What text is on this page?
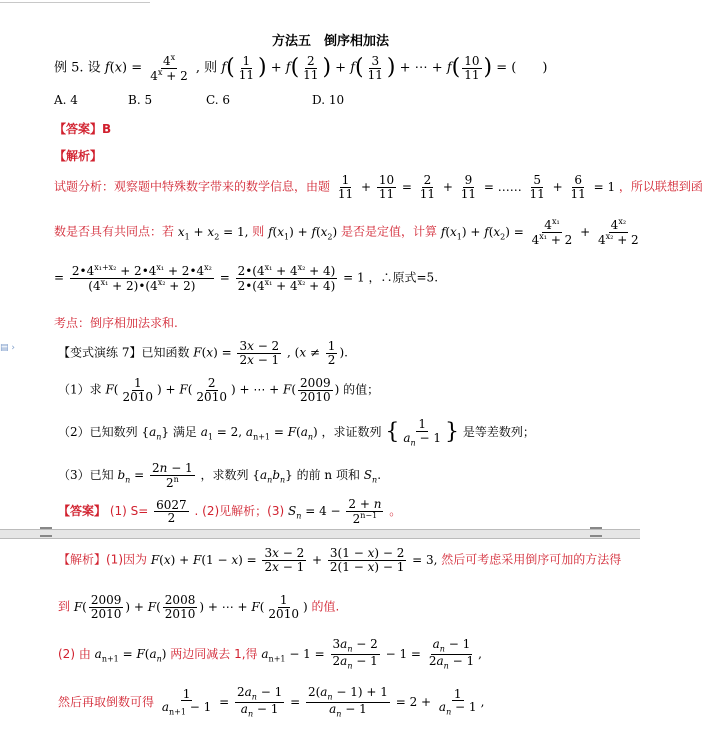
方法五　倒序相加法
例 5. 设 $f(x) = \frac{4^x}{4^x + 2}$ , 则 $f( \frac{1}{11}$ ) + $f( \frac{2}{11}$ ) + $f( \frac{3}{11}$ ) + ⋯ + $f( \frac{10}{11}$ ) = (　　)
A. 4	B. 5	C. 6	D. 10
【答案】B
【解析】
试题分析：观察题中特殊数字带来的数学信息，由题 $\frac{1}{11} + \frac{10}{11} = \frac{2}{11} + \frac{9}{11}$ = …… $\frac{5}{11} + \frac{6}{11} = 1$ ，所以联想到函
数是否具有共同点：若 $x_1 + x_2 = 1$, 则 $f(x_1) + f(x_2)$ 是否是定值，计算 $f(x_1) + f(x_2) = \frac{4^{x_1}}{4^{x_1} + 2} + \frac{4^{x_2}}{4^{x_2} + 2}$
= $\frac{2•4^{x_1+x_2} + 2•4^{x_1} + 2•4^{x_2}}{(4^{x_1} + 2)•(4^{x_2} + 2)} = \frac{2•(4^{x_1} + 4^{x_2} + 4)}{2•(4^{x_1} + 4^{x_2} + 4)} = 1$ ，∴原式=5.
考点：倒序相加法求和.
▤ ›	【变式演练 7】已知函数 $F(x) = \frac{3x - 2}{2x - 1}$ , ($x \ne \frac{1}{2}$ ).
（1）求 $F( \frac{1}{2010}$ ) + $F( \frac{2}{2010}$ ) + ⋯ + $F( \frac{2009}{2010}$ ) 的值；
（2）已知数列 $\{a_n\}$ 满足 $a_1 = 2$, $a_{n+1} = F(a_n)$ ，求证数列 { $\frac{1}{a_n - 1}$ } 是等差数列；
（3）已知 $b_n = \frac{2n - 1}{2^n}$ ，求数列 $\{a_nb_n\}$ 的前 n 项和 $S_n$.
【答案】 (1) $S= \frac{6027}{2}$ . (2)见解析；(3) $S_n = 4 - \frac{2 + n}{2^{n-1}}$ 。
【解析】(1)因为 $F(x) + F(1 - x) = \frac{3x - 2}{2x - 1} + \frac{3(1 - x) - 2}{2(1 - x) - 1} = 3$, 然后可考虑采用倒序可加的方法得
到 $F( \frac{2009}{2010}$ ) + $F( \frac{2008}{2010}$ ) + ⋯ + $F( \frac{1}{2010}$ ) 的值.
(2) 由 $a_{n+1} = F(a_n)$ 两边同减去 1,得 $a_{n+1} - 1 = \frac{3a_n - 2}{2a_n - 1} - 1 = \frac{a_n - 1}{2a_n - 1}$ ,
然后再取倒数可得 $\frac{1}{a_{n+1} - 1} = \frac{2a_n - 1}{a_n - 1} = \frac{2(a_n - 1) + 1}{a_n - 1} = 2 + \frac{1}{a_n - 1}$ ,
